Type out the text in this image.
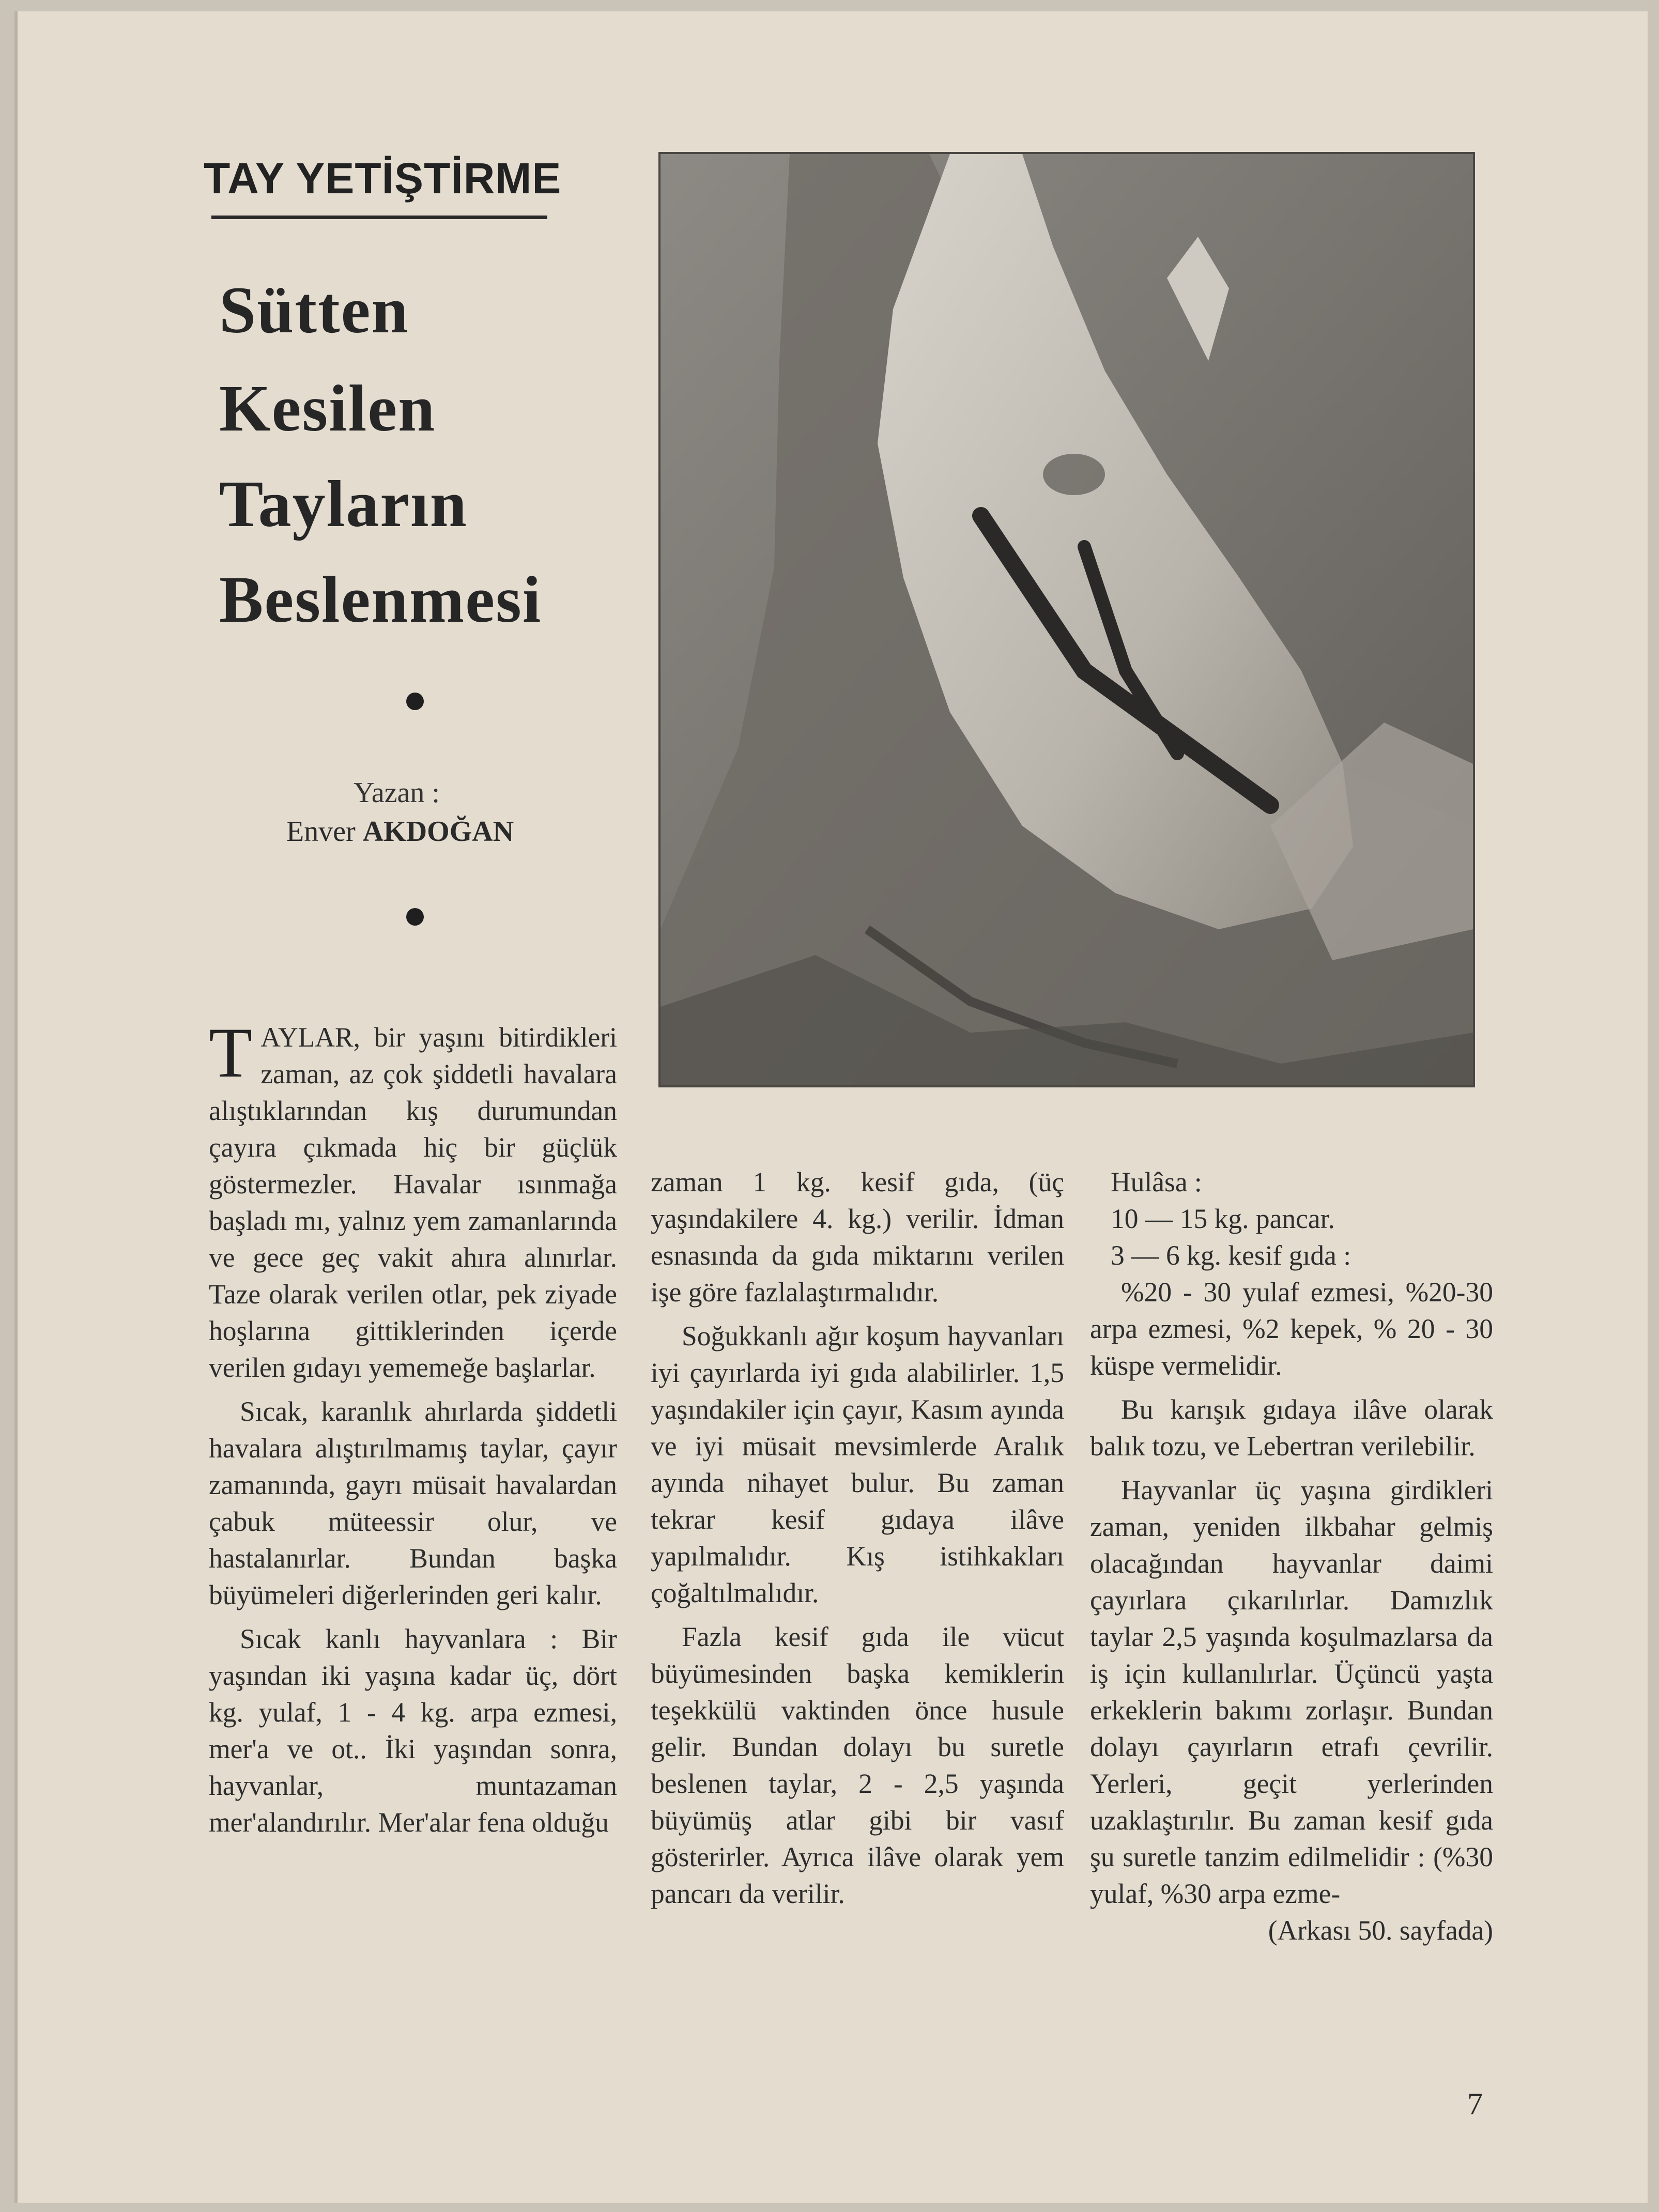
TAY YETİŞTİRME
Sütten
Kesilen
Tayların
Beslenmesi
Yazan :
Enver AKDOĞAN

T AYLAR, bir yaşını bitirdikleri zaman, az çok şiddetli havalara alıştıklarından kış durumundan çayıra çıkmada hiç bir güçlük göstermezler. Havalar ısınmağa başladı mı, yalnız yem zamanlarında ve gece geç vakit ahıra alınırlar. Taze olarak verilen otlar, pek ziyade hoşlarına gittiklerinden içerde verilen gıdayı yememeğe başlarlar.

Sıcak, karanlık ahırlarda şiddetli havalara alıştırılmamış taylar, çayır zamanında, gayrı müsait havalardan çabuk müteessir olur, ve hastalanırlar. Bundan başka büyümeleri diğerlerinden geri kalır.

Sıcak kanlı hayvanlara : Bir yaşından iki yaşına kadar üç, dört kg. yulaf, 1 - 4 kg. arpa ezmesi, mer'a ve ot.. İki yaşından sonra, hayvanlar, muntazaman mer'alandırılır. Mer'alar fena olduğu

zaman 1 kg. kesif gıda, (üç yaşındakilere 4. kg.) verilir. İdman esnasında da gıda miktarını verilen işe göre fazlalaştırmalıdır.

Soğukkanlı ağır koşum hayvanları iyi çayırlarda iyi gıda alabilirler. 1,5 yaşındakiler için çayır, Kasım ayında ve iyi müsait mevsimlerde Aralık ayında nihayet bulur. Bu zaman tekrar kesif gıdaya ilâve yapılmalıdır. Kış istihkakları çoğaltılmalıdır.

Fazla kesif gıda ile vücut büyümesinden başka kemiklerin teşekkülü vaktinden önce husule gelir. Bundan dolayı bu suretle beslenen taylar, 2 - 2,5 yaşında büyümüş atlar gibi bir vasıf gösterirler. Ayrıca ilâve olarak yem pancarı da verilir.

Hulâsa :
10 — 15 kg. pancar.
3 — 6 kg. kesif gıda :
%20 - 30 yulaf ezmesi, %20-30 arpa ezmesi, %2 kepek, % 20 - 30 küspe vermelidir.

Bu karışık gıdaya ilâve olarak balık tozu, ve Lebertran verilebilir.

Hayvanlar üç yaşına girdikleri zaman, yeniden ilkbahar gelmiş olacağından hayvanlar daimi çayırlara çıkarılırlar. Damızlık taylar 2,5 yaşında koşulmazlarsa da iş için kullanılırlar. Üçüncü yaşta erkeklerin bakımı zorlaşır. Bundan dolayı çayırların etrafı çevrilir. Yerleri, geçit yerlerinden uzaklaştırılır. Bu zaman kesif gıda şu suretle tanzim edilmelidir : (%30 yulaf, %30 arpa ezme-
(Arkası 50. sayfada)

7
